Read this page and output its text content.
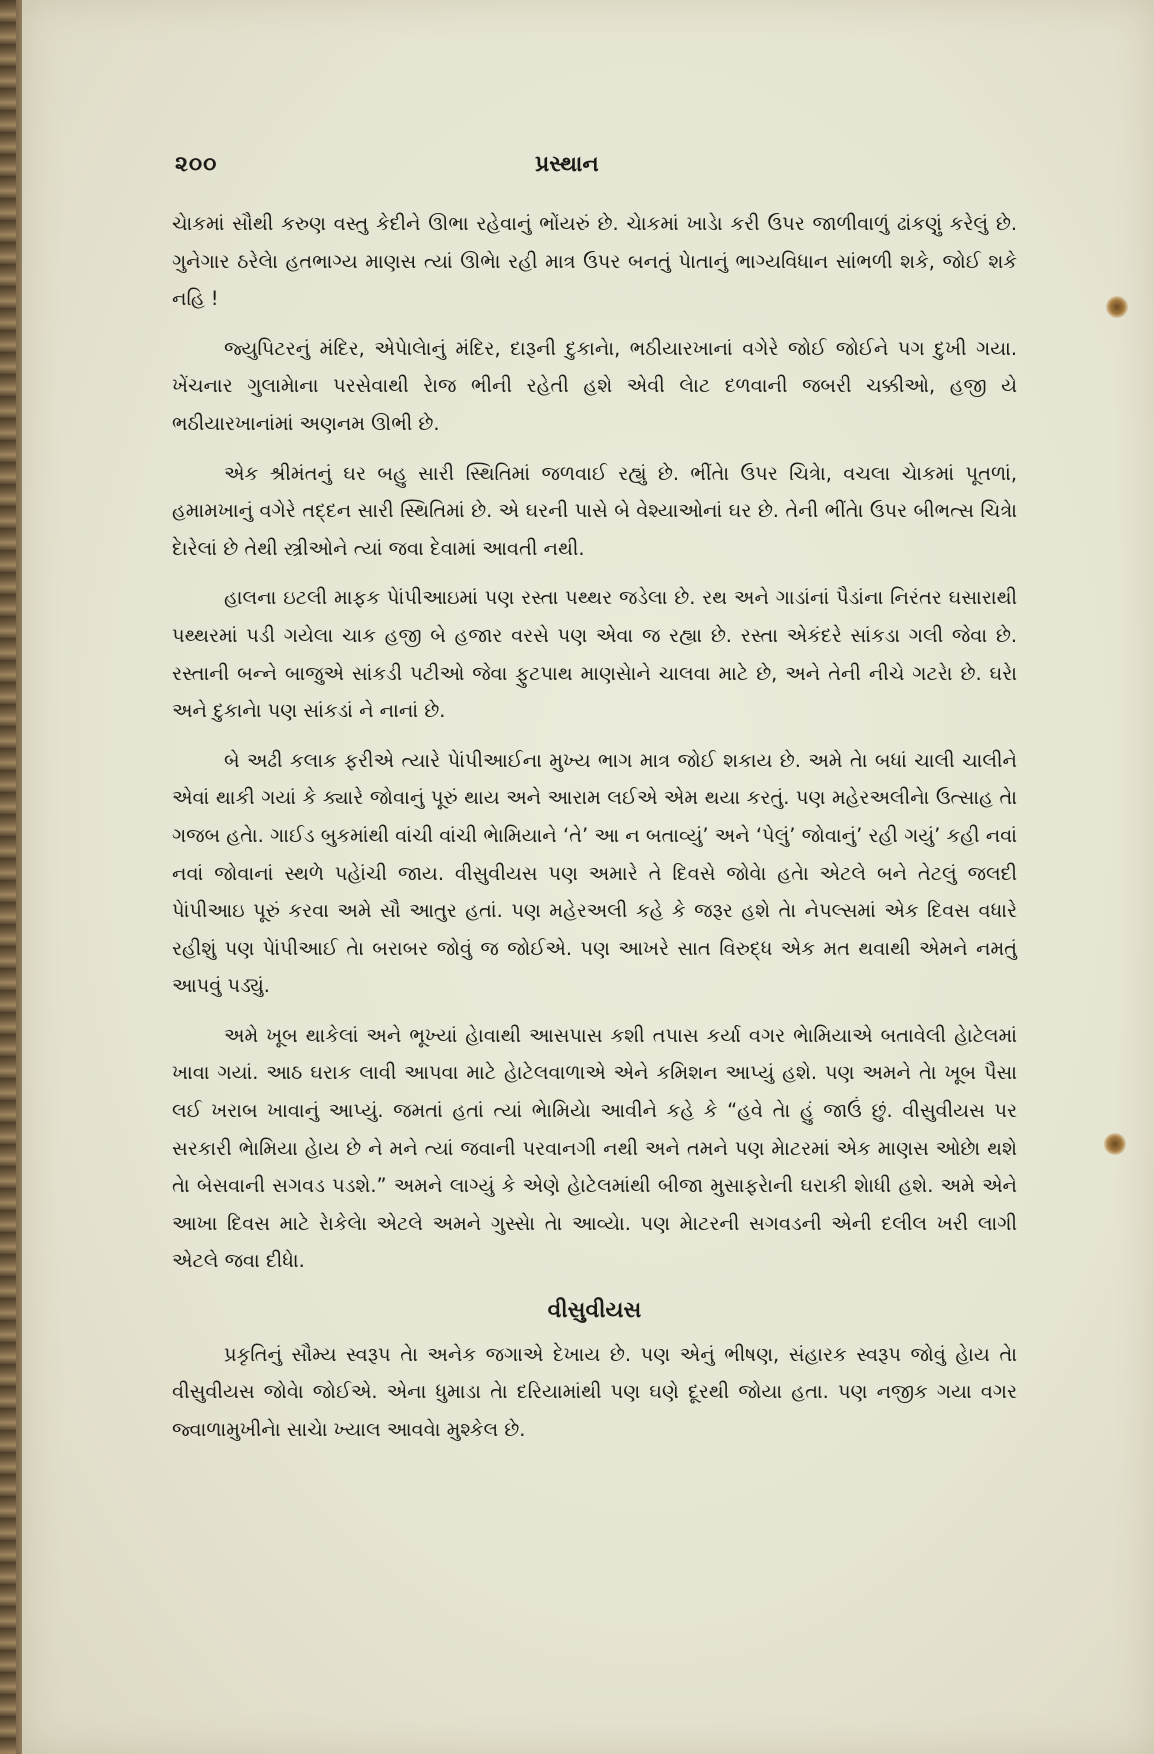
૨૦૦	પ્રસ્થાન

ચેાકમાં સૌથી કરુણ વસ્તુ કેદીને ઊભા રહેવાનું ભોંયરું છે. ચેાકમાં ખાડેા કરી ઉપર જાળીવાળું ઢાંકણું કરેલું છે. ગુનેગાર ઠરેલેા હતભાગ્ય માણસ ત્યાં ઊભેા રહી માત્ર ઉપર બનતું પેાતાનું ભાગ્યવિધાન સાંભળી શકે, જોઈ શકે નહિ !

જ્યુપિટરનું મંદિર, એપેાલેાનું મંદિર, દારૂની દુકાનેા, ભઠીયારખાનાં વગેરે જોઈ જોઈને પગ દુખી ગયા. ખેંચનાર ગુલામેાના પરસેવાથી રેાજ ભીની રહેતી હશે એવી લેાટ દળવાની જબરી ચક્કીઓ, હજી યે ભઠીયારખાનાંમાં અણનમ ઊભી છે.

એક શ્રીમંતનું ઘર બહુ સારી સ્થિતિમાં જળવાઈ રહ્યું છે. ભીંતેા ઉપર ચિત્રેા, વચલા ચેાકમાં પૂતળાં, હમામખાનું વગેરે તદ્દન સારી સ્થિતિમાં છે. એ ઘરની પાસે બે વેશ્યાઓનાં ઘર છે. તેની ભીંતેા ઉપર બીભત્સ ચિત્રેા દેારેલાં છે તેથી સ્ત્રીઓને ત્યાં જવા દેવામાં આવતી નથી.

હાલના ઇટલી માફક પેાંપીઆઇમાં પણ રસ્તા પથ્થર જડેલા છે. રથ અને ગાડાંનાં પૈડાંના નિરંતર ઘસારાથી પથ્થરમાં પડી ગયેલા ચાક હજી બે હજાર વરસે પણ એવા જ રહ્યા છે. રસ્તા એકંદરે સાંકડા ગલી જેવા છે. રસ્તાની બન્ને બાજુએ સાંકડી પટીઓ જેવા ફુટપાથ માણસેાને ચાલવા માટે છે, અને તેની નીચે ગટરેા છે. ઘરેા અને દુકાનેા પણ સાંકડાં ને નાનાં છે.

બે અઢી કલાક ફરીએ ત્યારે પેાંપીઆઈના મુખ્ય ભાગ માત્ર જોઈ શકાય છે. અમે તેા બધાં ચાલી ચાલીને એવાં થાકી ગયાં કે ક્યારે જોવાનું પૂરું થાય અને આરામ લઈએ એમ થયા કરતું. પણ મહેરઅલીનેા ઉત્સાહ તેા ગજબ હતેા. ગાઈડ બુકમાંથી વાંચી વાંચી ભેામિયાને ‘તે’ આ ન બતાવ્યું’ અને ‘પેલું’ જોવાનું’ રહી ગયું’ કહી નવાં નવાં જોવાનાં સ્થળે પહેાંચી જાય. વીસુવીયસ પણ અમારે તે દિવસે જોવેા હતેા એટલે બને તેટલું જલદી પેાંપીઆઇ પૂરું કરવા અમે સૌ આતુર હતાં. પણ મહેરઅલી કહે કે જરૂર હશે તેા નેપલ્સમાં એક દિવસ વધારે રહીશું પણ પેાંપીઆઈ તેા બરાબર જોવું જ જોઈએ. પણ આખરે સાત વિરુદ્ધ એક મત થવાથી એમને નમતું આપવું પડ્યું.

અમે ખૂબ થાકેલાં અને ભૂખ્યાં હેાવાથી આસપાસ કશી તપાસ કર્યા વગર ભેામિયાએ બતાવેલી હેાટેલમાં ખાવા ગયાં. આઠ ઘરાક લાવી આપવા માટે હેાટેલવાળાએ એને કમિશન આપ્યું હશે. પણ અમને તેા ખૂબ પૈસા લઈ ખરાબ ખાવાનું આપ્યું. જમતાં હતાં ત્યાં ભેામિયેા આવીને કહે કે “હવે તેા હું જાઉં છું. વીસુવીયસ પર સરકારી ભેામિયા હેાય છે ને મને ત્યાં જવાની પરવાનગી નથી અને તમને પણ મેાટરમાં એક માણસ ઓછેા થશે તેા બેસવાની સગવડ પડશે.” અમને લાગ્યું કે એણે હેાટેલમાંથી બીજા મુસાફરેાની ઘરાકી શેાધી હશે. અમે એને આખા દિવસ માટે રેાકેલેા એટલે અમને ગુસ્સેા તેા આવ્યેા. પણ મેાટરની સગવડની એની દલીલ ખરી લાગી એટલે જવા દીધેા.

વીસુવીયસ

પ્રકૃતિનું સૌમ્ય સ્વરૂપ તેા અનેક જગાએ દેખાય છે. પણ એનું ભીષણ, સંહારક સ્વરૂપ જોવું હેાય તેા વીસુવીયસ જોવેા જોઈએ. એના ધુમાડા તેા દરિયામાંથી પણ ઘણે દૂરથી જોયા હતા. પણ નજીક ગયા વગર જ્વાળામુખીનેા સાચેા ખ્યાલ આવવેા મુશ્કેલ છે.
